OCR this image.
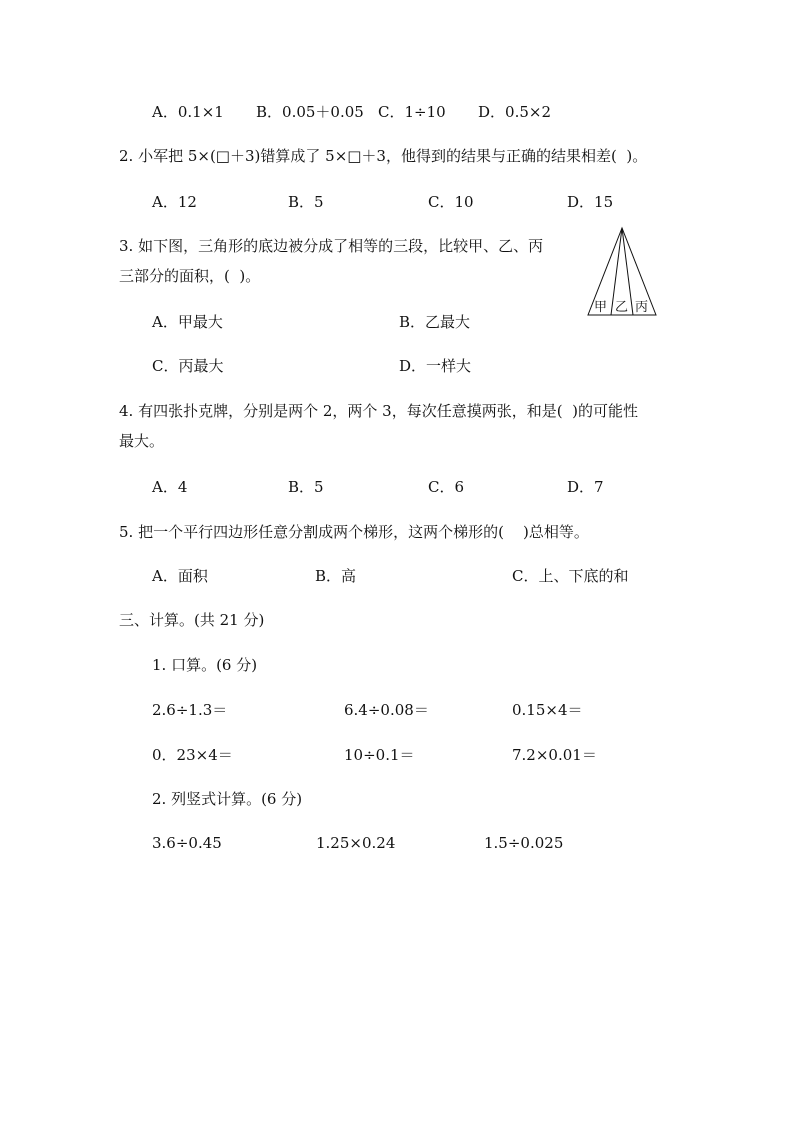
A．0.1×1 B．0.05＋0.05 C．1÷10 D．0.5×2
2. 小军把 5×(□＋3)错算成了 5×□＋3，他得到的结果与正确的结果相差(  )。
A．12	B．5	C．10	D．15
3. 如下图，三角形的底边被分成了相等的三段，比较甲、乙、丙
三部分的面积，(  )。
甲 乙 丙
A．甲最大	B．乙最大
C．丙最大	D．一样大
4. 有四张扑克牌，分别是两个 2，两个 3，每次任意摸两张，和是(  )的可能性
最大。
A．4	B．5	C．6	D．7
5. 把一个平行四边形任意分割成两个梯形，这两个梯形的(    )总相等。
A．面积	B．高	C．上、下底的和
三、计算。(共 21 分)
1. 口算。(6 分)
2.6÷1.3＝	6.4÷0.08＝	0.15×4＝
0．23×4＝	10÷0.1＝	7.2×0.01＝
2. 列竖式计算。(6 分)
3.6÷0.45	1.25×0.24	1.5÷0.025
